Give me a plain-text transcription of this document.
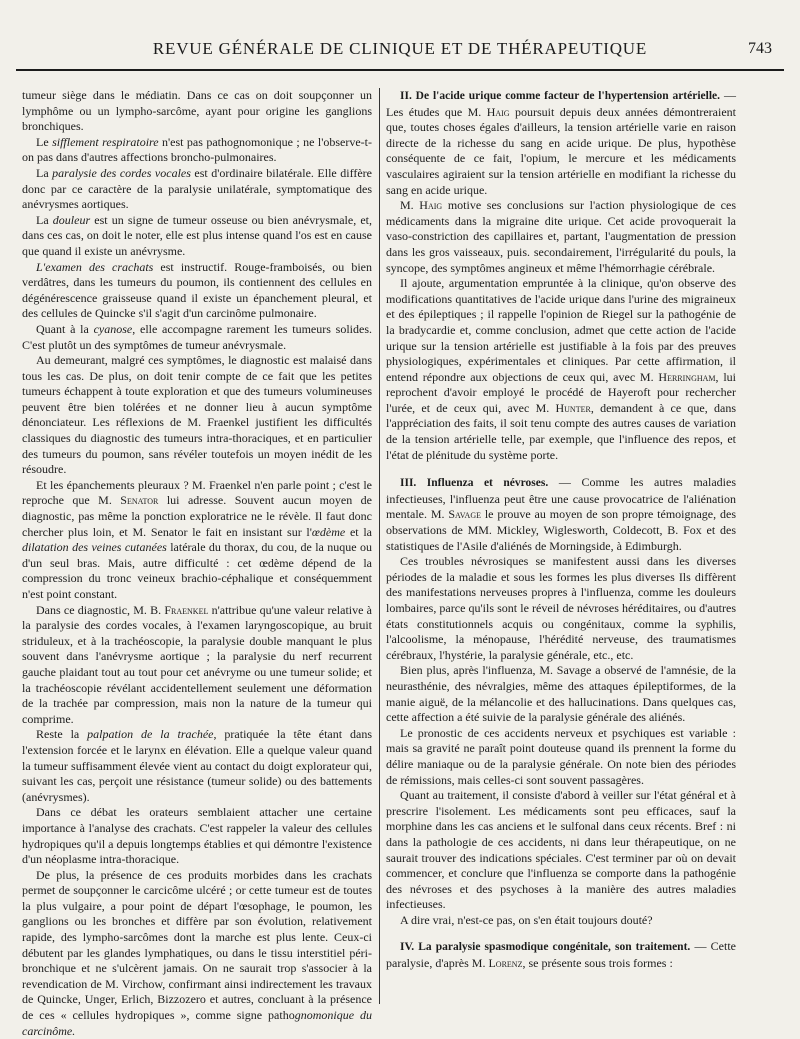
REVUE GÉNÉRALE DE CLINIQUE ET DE THÉRAPEUTIQUE	743

tumeur siège dans le médiatin. Dans ce cas on doit soupçonner un lymphôme ou un lympho-sarcôme, ayant pour origine les ganglions bronchiques.

Le sifflement respiratoire n'est pas pathognomonique ; ne l'observe-t-on pas dans d'autres affections broncho-pulmonaires.

La paralysie des cordes vocales est d'ordinaire bilatérale. Elle diffère donc par ce caractère de la paralysie unilatérale, symptomatique des anévrysmes aortiques.

La douleur est un signe de tumeur osseuse ou bien anévrysmale, et, dans ces cas, on doit le noter, elle est plus intense quand l'os est en cause que quand il existe un anévrysme.

L'examen des crachats est instructif. Rouge-framboisés, ou bien verdâtres, dans les tumeurs du poumon, ils contiennent des cellules en dégénérescence graisseuse quand il existe un épanchement pleural, et des cellules de Quincke s'il s'agit d'un carcinôme pulmonaire.

Quant à la cyanose, elle accompagne rarement les tumeurs solides. C'est plutôt un des symptômes de tumeur anévrysmale.

Au demeurant, malgré ces symptômes, le diagnostic est malaisé dans tous les cas. De plus, on doit tenir compte de ce fait que les petites tumeurs échappent à toute exploration et que des tumeurs volumineuses peuvent être bien tolérées et ne donner lieu à aucun symptôme dénonciateur. Les réflexions de M. Fraenkel justifient les difficultés classiques du diagnostic des tumeurs intra-thoraciques, et en particulier des tumeurs du poumon, sans révéler toutefois un moyen inédit de les résoudre.

Et les épanchements pleuraux ? M. Fraenkel n'en parle point ; c'est le reproche que M. Senator lui adresse. Souvent aucun moyen de diagnostic, pas même la ponction exploratrice ne le révèle. Il faut donc chercher plus loin, et M. Senator le fait en insistant sur l'œdème et la dilatation des veines cutanées latérale du thorax, du cou, de la nuque ou d'un seul bras. Mais, autre difficulté : cet œdème dépend de la compression du tronc veineux brachio-céphalique et conséquemment n'est point constant.

Dans ce diagnostic, M. B. Fraenkel n'attribue qu'une valeur relative à la paralysie des cordes vocales, à l'examen laryngoscopique, au bruit striduleux, et à la trachéoscopie, la paralysie double manquant le plus souvent dans l'anévrysme aortique ; la paralysie du nerf recurrent gauche plaidant tout au tout pour cet anévryme ou une tumeur solide; et la trachéoscopie révélant accidentellement seulement une déformation de la trachée par compression, mais non la nature de la tumeur qui comprime.

Reste la palpation de la trachée, pratiquée la tête étant dans l'extension forcée et le larynx en élévation. Elle a quelque valeur quand la tumeur suffisamment élevée vient au contact du doigt explorateur qui, suivant les cas, perçoit une résistance (tumeur solide) ou des battements (anévrysmes).

Dans ce débat les orateurs semblaient attacher une certaine importance à l'analyse des crachats. C'est rappeler la valeur des cellules hydropiques qu'il a depuis longtemps établies et qui démontre l'existence d'un néoplasme intra-thoracique.

De plus, la présence de ces produits morbides dans les crachats permet de soupçonner le carcicôme ulcéré ; or cette tumeur est de toutes la plus vulgaire, a pour point de départ l'œsophage, le poumon, les ganglions ou les bronches et diffère par son évolution, relativement rapide, des lympho-sarcômes dont la marche est plus lente. Ceux-ci débutent par les glandes lymphatiques, ou dans le tissu interstitiel péri-bronchique et ne s'ulcèrent jamais. On ne saurait trop s'associer à la revendication de M. Virchow, confirmant ainsi indirectement les travaux de Quincke, Unger, Erlich, Bizzozero et autres, concluant à la présence de ces « cellules hydropiques », comme signe pathognomonique du carcinôme.

II. De l'acide urique comme facteur de l'hypertension artérielle. — Les études que M. Haig poursuit depuis deux années démontreraient que, toutes choses égales d'ailleurs, la tension artérielle varie en raison directe de la richesse du sang en acide urique. De plus, hypothèse conséquente de ce fait, l'opium, le mercure et les médicaments vasculaires agiraient sur la tension artérielle en modifiant la richesse du sang en acide urique.

M. Haig motive ses conclusions sur l'action physiologique de ces médicaments dans la migraine dite urique. Cet acide provoquerait la vaso-constriction des capillaires et, partant, l'augmentation de pression dans les gros vaisseaux, puis. secondairement, l'irrégularité du pouls, la syncope, des symptômes angineux et même l'hémorrhagie cérébrale.

Il ajoute, argumentation empruntée à la clinique, qu'on observe des modifications quantitatives de l'acide urique dans l'urine des migraineux et des épileptiques ; il rappelle l'opinion de Riegel sur la pathogénie de la bradycardie et, comme conclusion, admet que cette action de l'acide urique sur la tension artérielle est justifiable à la fois par des preuves physiologiques, expérimentales et cliniques. Par cette affirmation, il entend répondre aux objections de ceux qui, avec M. Herringham, lui reprochent d'avoir employé le procédé de Hayeroft pour rechercher l'urée, et de ceux qui, avec M. Hunter, demandent à ce que, dans l'appréciation des faits, il soit tenu compte des autres causes de variation de la tension artérielle telle, par exemple, que l'influence des repos, et l'état de plénitude du système porte.

III. Influenza et névroses. — Comme les autres maladies infectieuses, l'influenza peut être une cause provocatrice de l'aliénation mentale. M. Savage le prouve au moyen de son propre témoignage, des observations de MM. Mickley, Wiglesworth, Coldecott, B. Fox et des statistiques de l'Asile d'aliénés de Morningside, à Edimburgh.

Ces troubles névrosiques se manifestent aussi dans les diverses périodes de la maladie et sous les formes les plus diverses Ils diffèrent des manifestations nerveuses propres à l'influenza, comme les douleurs lombaires, parce qu'ils sont le réveil de névroses héréditaires, ou d'autres états constitutionnels acquis ou congénitaux, comme la syphilis, l'alcoolisme, la ménopause, l'hérédité nerveuse, des traumatismes cérébraux, l'hystérie, la paralysie générale, etc., etc.

Bien plus, après l'influenza, M. Savage a observé de l'amnésie, de la neurasthénie, des névralgies, même des attaques épileptiformes, de la manie aiguë, de la mélancolie et des hallucinations. Dans quelques cas, cette affection a été suivie de la paralysie générale des aliénés.

Le pronostic de ces accidents nerveux et psychiques est variable : mais sa gravité ne paraît point douteuse quand ils prennent la forme du délire maniaque ou de la paralysie générale. On note bien des périodes de rémissions, mais celles-ci sont souvent passagères.

Quant au traitement, il consiste d'abord à veiller sur l'état général et à prescrire l'isolement. Les médicaments sont peu efficaces, sauf la morphine dans les cas anciens et le sulfonal dans ceux récents. Bref : ni dans la pathologie de ces accidents, ni dans leur thérapeutique, on ne saurait trouver des indications spéciales. C'est terminer par où on devait commencer, et conclure que l'influenza se comporte dans la pathogénie des névroses et des psychoses à la manière des autres maladies infectieuses.

A dire vrai, n'est-ce pas, on s'en était toujours douté?

IV. La paralysie spasmodique congénitale, son traitement. — Cette paralysie, d'après M. Lorenz, se présente sous trois formes :
